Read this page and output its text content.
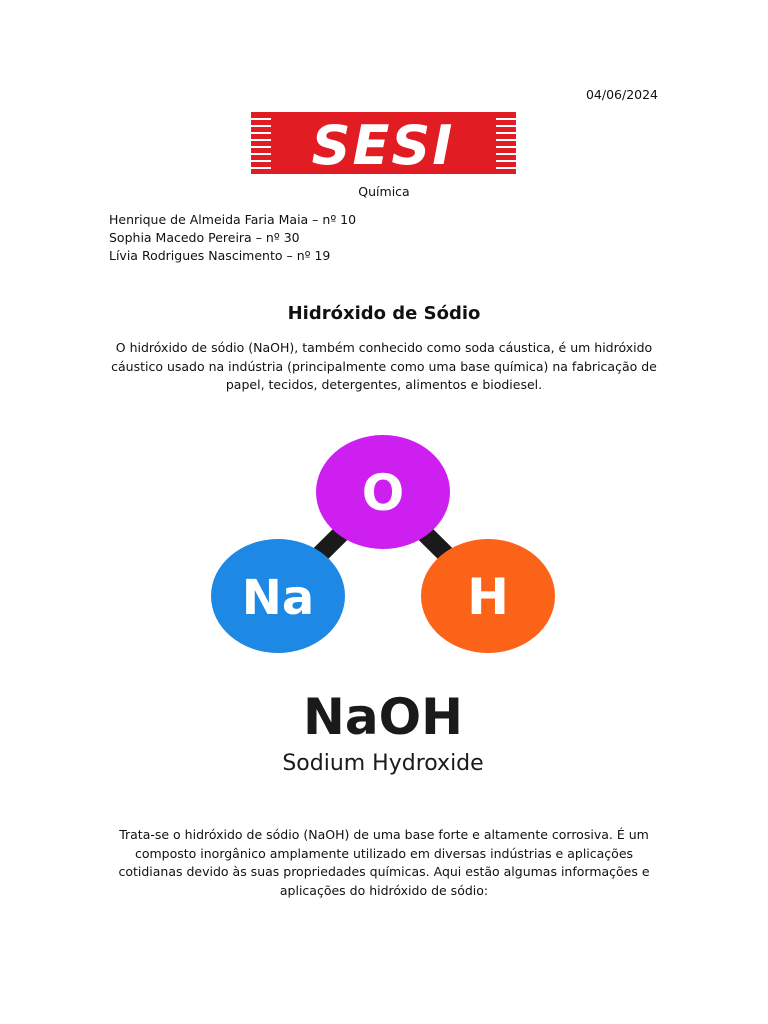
04/06/2024
SESI
Química
Henrique de Almeida Faria Maia – nº 10
Sophia Macedo Pereira – nº 30
Lívia Rodrigues Nascimento – nº 19
Hidróxido de Sódio
O hidróxido de sódio (NaOH), também conhecido como soda cáustica, é um hidróxido cáustico usado na indústria (principalmente como uma base química) na fabricação de papel, tecidos, detergentes, alimentos e biodiesel.
O
Na	H
NaOH
Sodium Hydroxide
Trata-se o hidróxido de sódio (NaOH) de uma base forte e altamente corrosiva. É um composto inorgânico amplamente utilizado em diversas indústrias e aplicações cotidianas devido às suas propriedades químicas. Aqui estão algumas informações e aplicações do hidróxido de sódio:
